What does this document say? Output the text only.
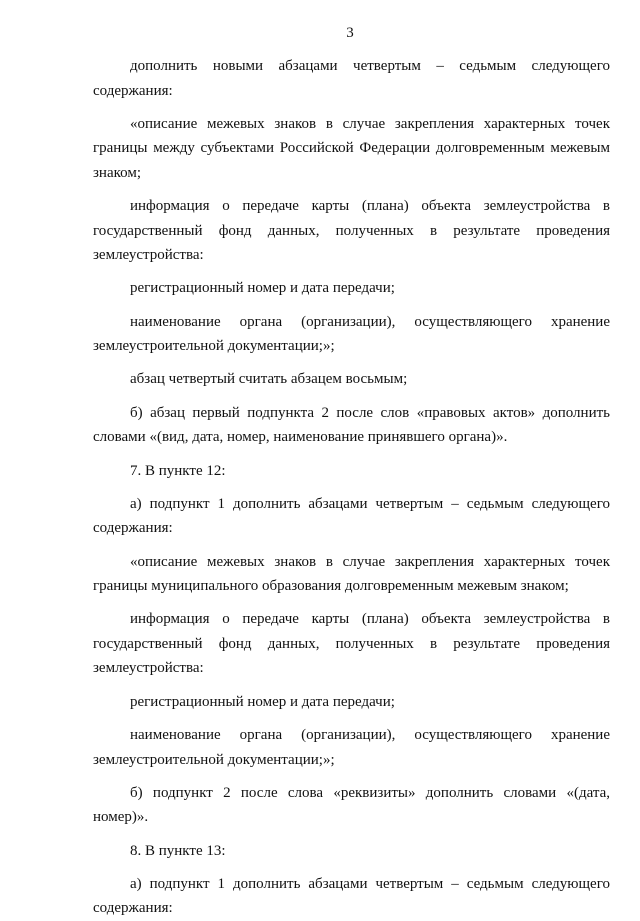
3

дополнить новыми абзацами четвертым – седьмым следующего содержания:

«описание межевых знаков в случае закрепления характерных точек границы между субъектами Российской Федерации долговременным межевым знаком;

информация о передаче карты (плана) объекта землеустройства в государственный фонд данных, полученных в результате проведения землеустройства:

регистрационный номер и дата передачи;

наименование органа (организации), осуществляющего хранение землеустроительной документации;»;

абзац четвертый считать абзацем восьмым;

б) абзац первый подпункта 2 после слов «правовых актов» дополнить словами «(вид, дата, номер, наименование принявшего органа)».

7. В пункте 12:

а) подпункт 1 дополнить абзацами четвертым – седьмым следующего содержания:

«описание межевых знаков в случае закрепления характерных точек границы муниципального образования долговременным межевым знаком;

информация о передаче карты (плана) объекта землеустройства в государственный фонд данных, полученных в результате проведения землеустройства:

регистрационный номер и дата передачи;

наименование органа (организации), осуществляющего хранение землеустроительной документации;»;

б) подпункт 2 после слова «реквизиты» дополнить словами «(дата, номер)».

8. В пункте 13:

а) подпункт 1 дополнить абзацами четвертым – седьмым следующего содержания:
